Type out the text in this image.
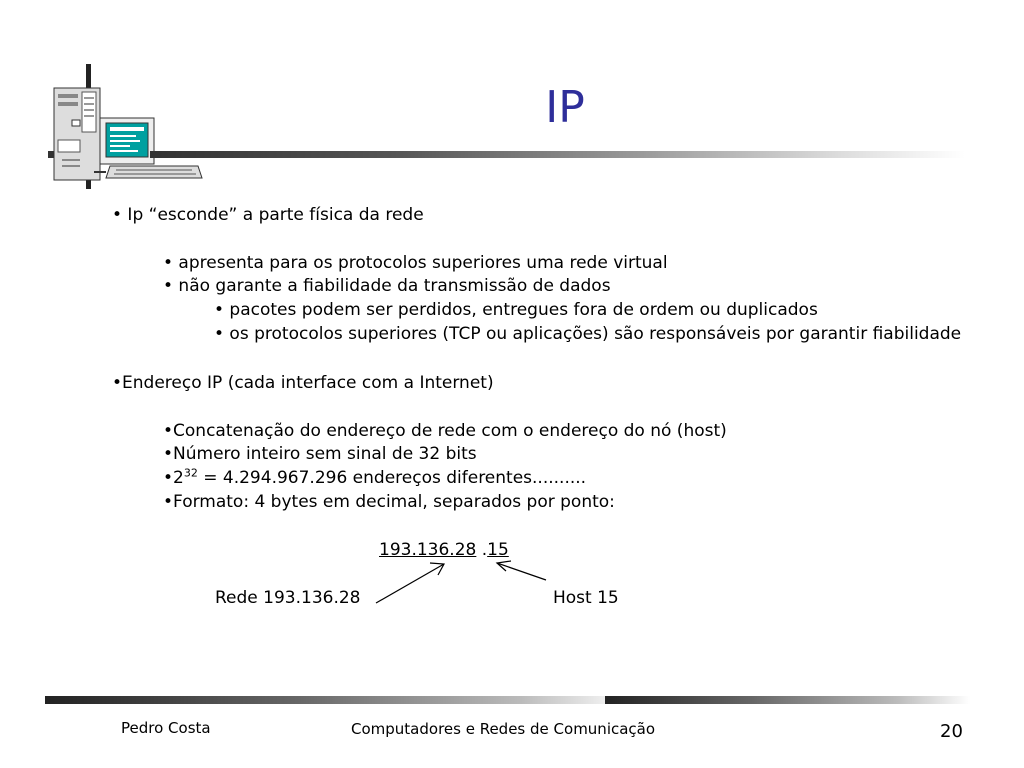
IP
• Ip “esconde” a parte física da rede
• apresenta para os protocolos superiores uma rede virtual
• não garante a fiabilidade da transmissão de dados
• pacotes podem ser perdidos, entregues fora de ordem ou duplicados
• os protocolos superiores (TCP ou aplicações) são responsáveis por garantir fiabilidade
•Endereço IP (cada interface com a Internet)
•Concatenação do endereço de rede com o endereço do nó (host)
•Número inteiro sem sinal de 32 bits
$•2^{32} = 4.294.967.296$ endereços diferentes..........
•Formato: 4 bytes em decimal, separados por ponto:
193.136.28 .15
Rede 193.136.28	Host 15
Pedro Costa	Computadores e Redes de Comunicação	20
